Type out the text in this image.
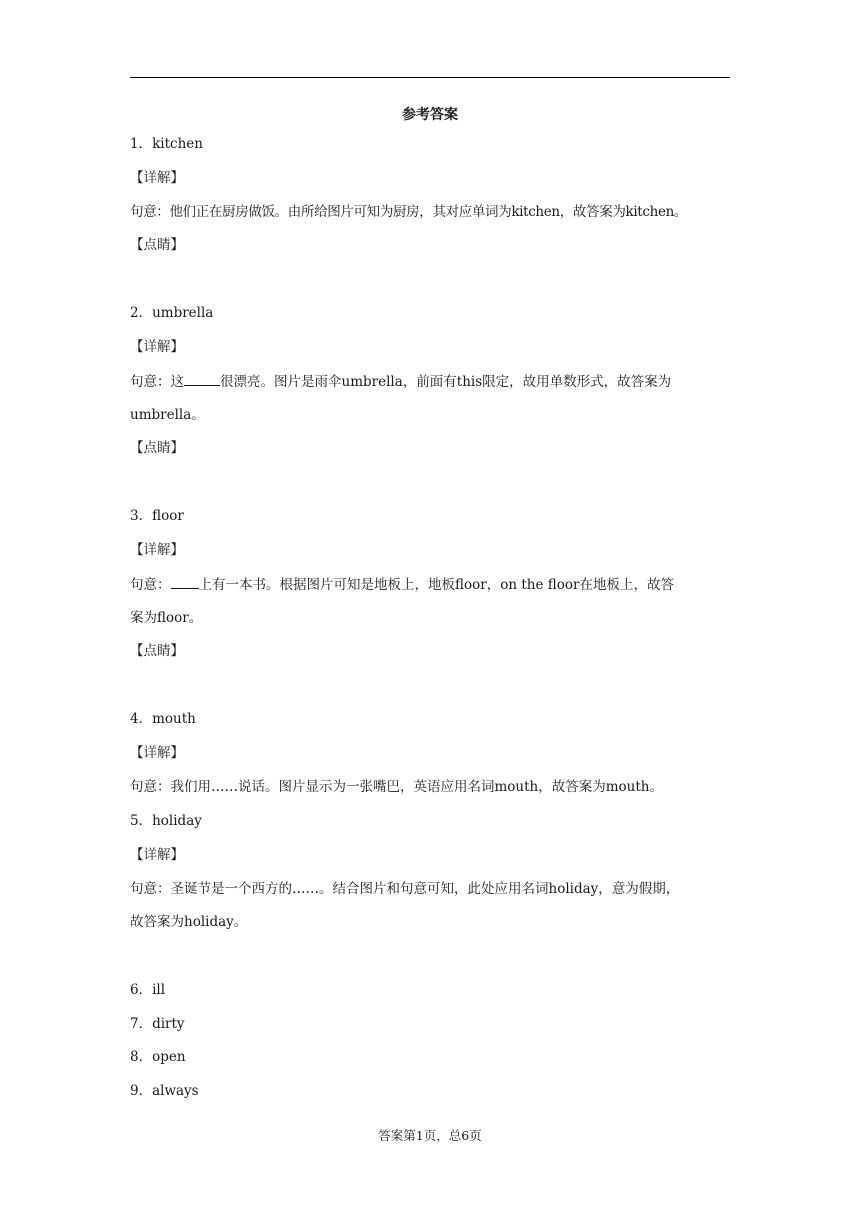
参考答案
1．kitchen
【详解】
句意：他们正在厨房做饭。由所给图片可知为厨房，其对应单词为kitchen，故答案为kitchen。
【点睛】
2．umbrella
【详解】
句意：这	很漂亮。图片是雨伞umbrella，前面有this限定，故用单数形式，故答案为
umbrella。
【点睛】
3．floor
【详解】
句意： 上有一本书。根据图片可知是地板上，地板floor，on the floor在地板上，故答
案为floor。
【点睛】
4．mouth
【详解】
句意：我们用……说话。图片显示为一张嘴巴，英语应用名词mouth，故答案为mouth。
5．holiday
【详解】
句意：圣诞节是一个西方的……。结合图片和句意可知，此处应用名词holiday，意为假期，
故答案为holiday。
6．ill
7．dirty
8．open
9．always
答案第1页，总6页
